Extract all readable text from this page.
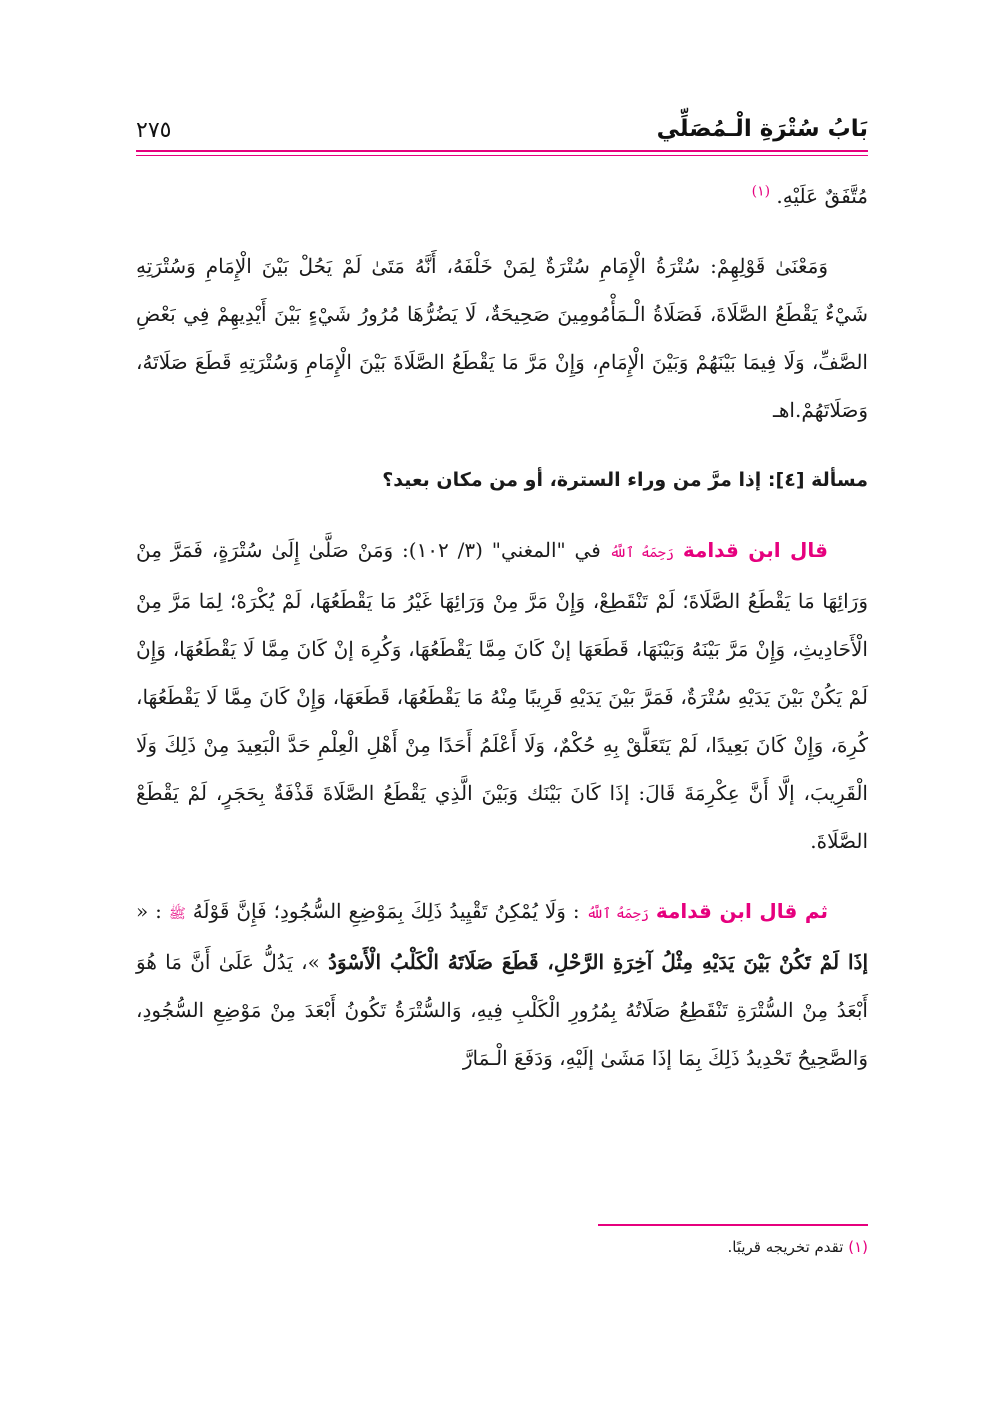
بَابُ سُتْرَةِ الْـمُصَلِّي
٢٧٥

مُتَّفَقٌ عَلَيْهِ. $^{(١)}$

وَمَعْنَىٰ قَوْلِهِمْ: سُتْرَةُ الْإِمَامِ سُتْرَةٌ لِمَنْ خَلْفَهُ، أَنَّهُ مَتَىٰ لَمْ يَحُلْ بَيْنَ الْإِمَامِ وَسُتْرَتِهِ شَيْءٌ يَقْطَعُ الصَّلَاةَ، فَصَلَاةُ الْـمَأْمُومِينَ صَحِيحَةٌ، لَا يَضُرُّهَا مُرُورُ شَيْءٍ بَيْنَ أَيْدِيهِمْ فِي بَعْضِ الصَّفِّ، وَلَا فِيمَا بَيْنَهُمْ وَبَيْنَ الْإِمَامِ، وَإِنْ مَرَّ مَا يَقْطَعُ الصَّلَاةَ بَيْنَ الْإِمَامِ وَسُتْرَتِهِ قَطَعَ صَلَاتَهُ، وَصَلَاتَهُمْ.اهـ

مسألة [٤]: إذا مرَّ من وراء السترة، أو من مكان بعيد؟

قال ابن قدامة رَحِمَهُ ٱللَّهُ في "المغني" (٣/ ١٠٢): وَمَنْ صَلَّىٰ إِلَىٰ سُتْرَةٍ، فَمَرَّ مِنْ وَرَائِهَا مَا يَقْطَعُ الصَّلَاةَ؛ لَمْ تَنْقَطِعْ، وَإِنْ مَرَّ مِنْ وَرَائِهَا غَيْرُ مَا يَقْطَعُهَا، لَمْ يُكْرَهْ؛ لِمَا مَرَّ مِنْ الْأَحَادِيثِ، وَإِنْ مَرَّ بَيْنَهُ وَبَيْنَهَا، قَطَعَهَا إنْ كَانَ مِمَّا يَقْطَعُهَا، وَكُرِهَ إنْ كَانَ مِمَّا لَا يَقْطَعُهَا، وَإِنْ لَمْ يَكُنْ بَيْنَ يَدَيْهِ سُتْرَةٌ، فَمَرَّ بَيْنَ يَدَيْهِ قَرِيبًا مِنْهُ مَا يَقْطَعُهَا، قَطَعَهَا، وَإِنْ كَانَ مِمَّا لَا يَقْطَعُهَا، كُرِهَ، وَإِنْ كَانَ بَعِيدًا، لَمْ يَتَعَلَّقْ بِهِ حُكْمٌ، وَلَا أَعْلَمُ أَحَدًا مِنْ أَهْلِ الْعِلْمِ حَدَّ الْبَعِيدَ مِنْ ذَلِكَ وَلَا الْقَرِيبَ، إلَّا أَنَّ عِكْرِمَةَ قَالَ: إذَا كَانَ بَيْنَك وَبَيْنَ الَّذِي يَقْطَعُ الصَّلَاةَ قَذْفَةٌ بِحَجَرٍ، لَمْ يَقْطَعْ الصَّلَاةَ.

ثم قال ابن قدامة رَحِمَهُ ٱللَّهُ : وَلَا يُمْكِنُ تَقْيِيدُ ذَلِكَ بِمَوْضِعِ السُّجُودِ؛ فَإِنَّ قَوْلَهُ ﷺ : « إذَا لَمْ تَكُنْ بَيْنَ يَدَيْهِ مِثْلُ آخِرَةِ الرَّحْلِ، قَطَعَ صَلَاتَهُ الْكَلْبُ الْأَسْوَدُ »، يَدُلُّ عَلَىٰ أَنَّ مَا هُوَ أَبْعَدُ مِنْ السُّتْرَةِ تَنْقَطِعُ صَلَاتُهُ بِمُرُورِ الْكَلْبِ فِيهِ، وَالسُّتْرَةُ تَكُونُ أَبْعَدَ مِنْ مَوْضِعِ السُّجُودِ، وَالصَّحِيحُ تَحْدِيدُ ذَلِكَ بِمَا إذَا مَشَىٰ إلَيْهِ، وَدَفَعَ الْـمَارَّ

(١) تقدم تخريجه قريبًا.
